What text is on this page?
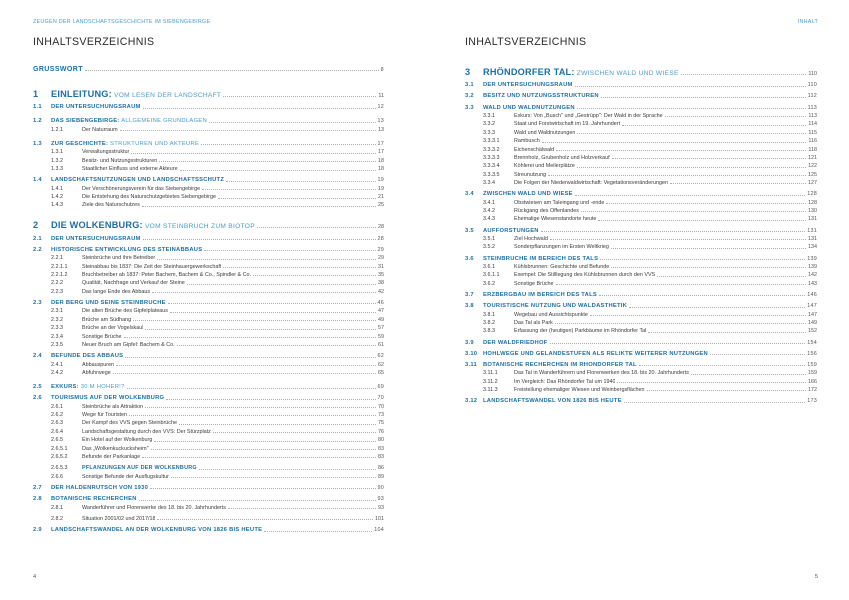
ZEUGEN DER LANDSCHAFTSGESCHICHTE IM SIEBENGEBIRGE	INHALT
INHALTSVERZEICHNIS
GRUSSWORT	8
1	EINLEITUNG: VOM LESEN DER LANDSCHAFT	11
1.1	DER UNTERSUCHUNGSRAUM	12
1.2	DAS SIEBENGEBIRGE: ALLGEMEINE GRUNDLAGEN	13
1.2.1	Der Naturraum	13
1.3	ZUR GESCHICHTE: STRUKTUREN UND AKTEURE	17
1.3.1	Verwaltungsstruktur	17
1.3.2	Besitz- und Nutzungsstrukturen	18
1.3.3	Staatlicher Einfluss und externe Akteure	18
1.4	LANDSCHAFTSNUTZUNGEN UND LANDSCHAFTSSCHUTZ	19
1.4.1	Der Verschönerungsverein für das Siebengebirge	19
1.4.2	Die Entstehung des Naturschutzgebietes Siebengebirge	21
1.4.3	Ziele des Naturschutzes	25
2	DIE WOLKENBURG: VOM STEINBRUCH ZUM BIOTOP	28
2.1	DER UNTERSUCHUNGSRAUM	28
2.2	HISTORISCHE ENTWICKLUNG DES STEINABBAUS	29
2.2.1	Steinbrüche und ihre Betreiber	29
2.2.1.1	Steinabbau bis 1837: Die Zeit der Steinhauergewerkschaft	31
2.2.1.2	Bruchbetreiber ab 1837: Peter Bachem, Bachem & Co., Spindler & Co.	35
2.2.2	Qualität, Nachfrage und Verkauf der Steine	38
2.2.3	Das lange Ende des Abbaus	42
2.3	DER BERG UND SEINE STEINBRÜCHE	46
2.3.1	Die alten Brüche des Gipfelplateaus	47
2.3.2	Brüche am Südhang	49
2.3.3	Brüche an der Vogelskaul	57
2.3.4	Sonstige Brüche	59
2.3.5	Neuer Bruch am Gipfel: Bachem & Co.	61
2.4	BEFUNDE DES ABBAUS	62
2.4.1	Abbauspuren	62
2.4.2	Abfuhrwege	65
2.5	EXKURS: 30 M HÖHER!?	69
2.6	TOURISMUS AUF DER WOLKENBURG	70
2.6.1	Steinbrüche als Attraktion	70
2.6.2	Wege für Touristen	73
2.6.3	Der Kampf des VVS gegen Steinbrüche	75
2.6.4	Landschaftsgestaltung durch den VVS: Der Stürzplatz	76
2.6.5	Ein Hotel auf der Wolkenburg	80
2.6.5.1	Das „Wolkenkuckucksheim"	83
2.6.5.2	Befunde der Parkanlage	83
2.6.5.3	PFLANZUNGEN AUF DER WOLKENBURG	86
2.6.6	Sonstige Befunde der Ausflugskultur	89
2.7	DER HALDENRUTSCH VON 1930	90
2.8	BOTANISCHE RECHERCHEN	93
2.8.1	Wanderführer und Florenwerke des 18. bis 20. Jahrhunderts	93
2.8.2	Situation 2001/02 und 2017/18	101
2.9	LANDSCHAFTSWANDEL AN DER WOLKENBURG VON 1826 BIS HEUTE	104
INHALTSVERZEICHNIS
3	RHÖNDORFER TAL: ZWISCHEN WALD UND WIESE	110
3.1	DER UNTERSUCHUNGSRAUM	110
3.2	BESITZ UND NUTZUNGSSTRUKTUREN	112
3.3	WALD UND WALDNUTZUNGEN	113
3.3.1	Exkurs: Von „Busch" und „Gestrüpp": Der Wald in der Sprache	113
3.3.2	Staat und Forstwirtschaft im 19. Jahrhundert	114
3.3.3	Wald und Waldnutzungen	115
3.3.3.1	Rambusch	116
3.3.3.2	Eichenschälwald	118
3.3.3.3	Brennholz, Grubenholz und Holzverkauf	121
3.3.3.4	Köhlerei und Meilerplätze	122
3.3.3.5	Streunutzung	125
3.3.4	Die Folgen der Niederwaldwirtschaft: Vegetationsveränderungen	127
3.4	ZWISCHEN WALD UND WIESE	128
3.4.1	Obstwiesen am Taleingang und -ende	128
3.4.2	Rückgang des Offenlandes	130
3.4.3	Ehemalige Wiesenstandorte heute	131
3.5	AUFFORSTUNGEN	131
3.5.1	Ziel Hochwald	131
3.5.2	Sonderpflanzungen im Ersten Weltkrieg	134
3.6	STEINBRÜCHE IM BEREICH DES TALS	139
3.6.1	Kühlsbrunnen: Geschichte und Befunde	139
3.6.1.1	Exempel: Die Stilllegung des Kühlsbrunnen durch den VVS	142
3.6.2	Sonstige Brüche	143
3.7	ERZBERGBAU IM BEREICH DES TALS	146
3.8	TOURISTISCHE NUTZUNG UND WALDÄSTHETIK	147
3.8.1	Wegebau und Aussichtspunkte	147
3.8.2	Das Tal als Park	149
3.8.3	Erfassung der (heutigen) Parkbäume im Rhöndorfer Tal	152
3.9	DER WALDFRIEDHOF	154
3.10 HOHLWEGE UND GELÄNDESTUFEN ALS RELIKTE WEITERER NUTZUNGEN	156
3.11	BOTANISCHE RECHERCHEN IM RHÖNDORFER TAL	159
3.11.1	Das Tal in Wanderführern und Florenwerken des 18. bis 20. Jahrhunderts	159
3.11.2	Im Vergleich: Das Rhöndorfer Tal um 1940	166
3.11.3	Freistellung ehemaliger Wiesen und Weinbergsflächen	172
3.12 LANDSCHAFTSWANDEL VON 1826 BIS HEUTE	173
4	5
